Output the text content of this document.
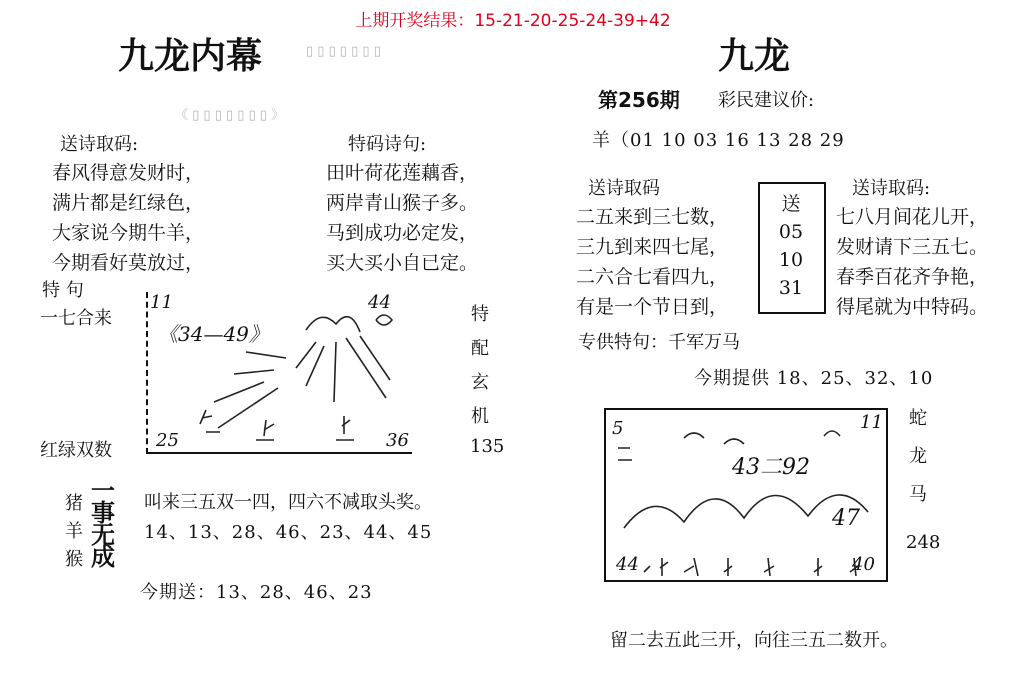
上期开奖结果：15-21-20-25-24-39+42
九龙内幕	▯ ▯ ▯ ▯ ▯ ▯ ▯
《 ▯ ▯ ▯ ▯ ▯ ▯ ▯ 》
送诗取码:
春风得意发财时，
满片都是红绿色，
大家说今期牛羊，
今期看好莫放过，
特码诗句:
田叶荷花莲藕香，
两岸青山猴子多。
马到成功必定发，
买大买小自已定。
特 句
一七合来
红绿双数
11	44
25	36
《34—49》
特
配
玄
机
135
猪
羊
猴
一
事
无
成
叫来三五双一四，四六不减取头奖。
14、13、28、46、23、44、45
今期送：13、28、46、23
九龙
第256期 彩民建议价:
羊（01 10 03 16 13 28 29
送诗取码
二五来到三七数，
三九到来四七尾，
二六合七看四九，
有是一个节日到，
送
05
10
31
送诗取码:
七八月间花儿开，
发财请下三五七。
春季百花齐争艳，
得尾就为中特码。
专供特句：千军万马
今期提供 18、25、32、10
5	11
43二92
47
44	40
蛇
龙
马
248
留二去五此三开，向往三五二数开。
